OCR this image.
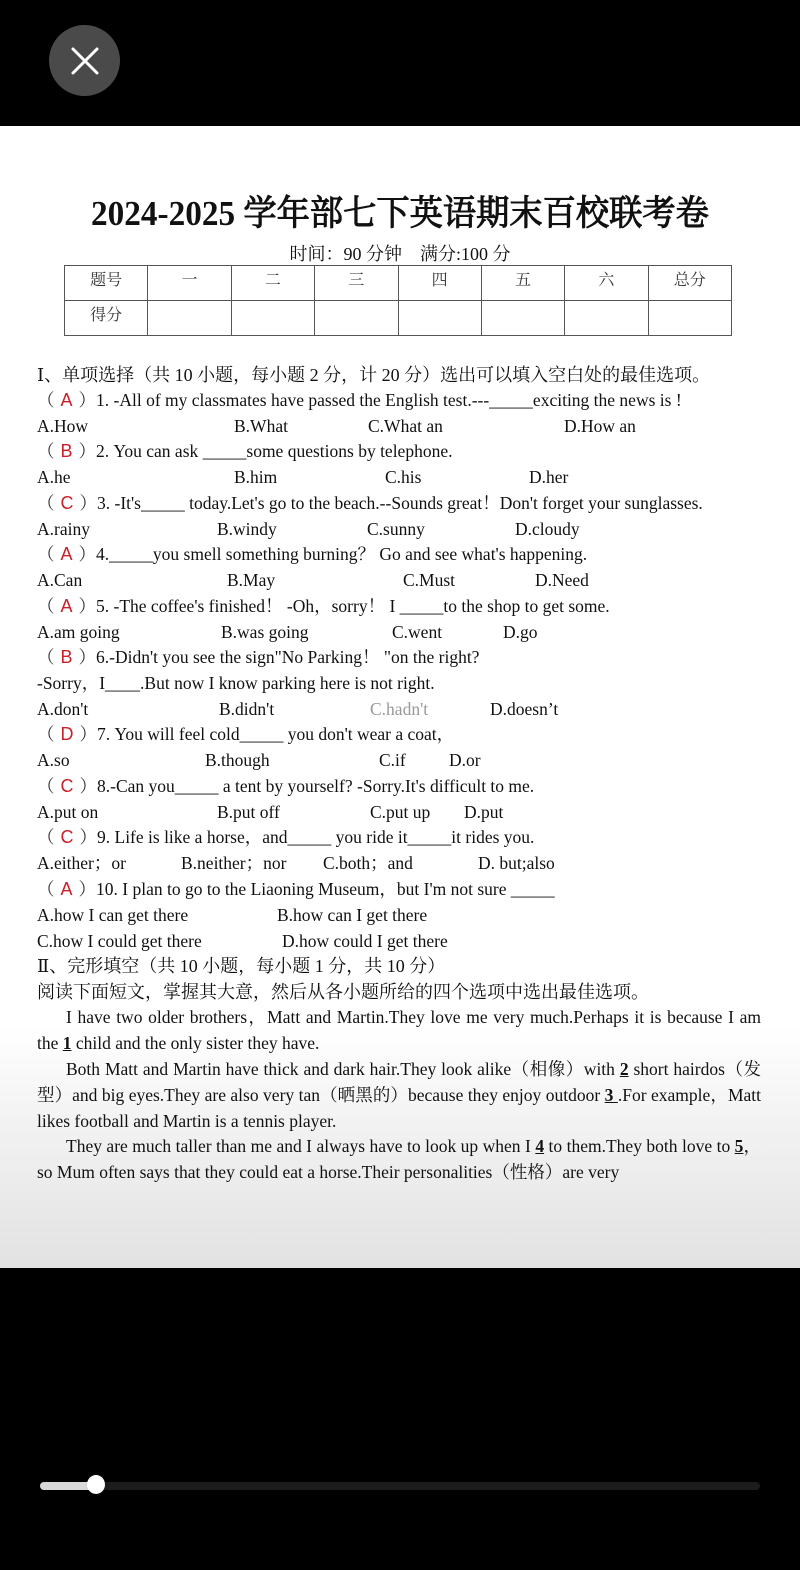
2024-2025 学年部七下英语期末百校联考卷
时间：90 分钟　满分:100 分
题号	一	二	三	四	五	六	总分
得分							
Ⅰ、单项选择（共 10 小题，每小题 2 分，计 20 分）选出可以填入空白处的最佳选项。
（ A ）1. -All of my classmates have passed the English test.---_____exciting the news is !
A.How	B.What	C.What an	D.How an
（ B ）2. You can ask _____some questions by telephone.
A.he	B.him	C.his	D.her
（ C ）3. -It's_____ today.Let's go to the beach.--Sounds great！Don't forget your sunglasses.
A.rainy	B.windy	C.sunny	D.cloudy
（ A ）4._____you smell something burning？ Go and see what's happening.
A.Can	B.May	C.Must	D.Need
（ A ）5. -The coffee's finished！ -Oh，sorry！ I _____to the shop to get some.
A.am going	B.was going	C.went	D.go
（ B ）6.-Didn't you see the sign"No Parking！ "on the right?
-Sorry，I____.But now I know parking here is not right.
A.don't	B.didn't	C.hadn't	D.doesn’t
（ D ）7. You will feel cold_____ you don't wear a coat，
A.so	B.though	C.if D.or
（ C ）8.-Can you_____ a tent by yourself? -Sorry.It's difficult to me.
A.put on	B.put off	C.put up D.put
（ C ）9. Life is like a horse，and_____ you ride it_____it rides you.
A.either；or	B.neither；nor C.both；and	D. but;also
（ A ）10. I plan to go to the Liaoning Museum，but I'm not sure _____
A.how I can get there	B.how can I get there
C.how I could get there	D.how could I get there
Ⅱ、完形填空（共 10 小题，每小题 1 分，共 10 分）
阅读下面短文，掌握其大意，然后从各小题所给的四个选项中选出最佳选项。
I have two older brothers，Matt and Martin.They love me very much.Perhaps it is because I am the 1 child and the only sister they have.
Both Matt and Martin have thick and dark hair.They look alike（相像）with 2 short hairdos（发型）and big eyes.They are also very tan（晒黑的）because they enjoy outdoor 3 .For example，Matt likes football and Martin is a tennis player.
They are much taller than me and I always have to look up when I 4 to them.They both love to 5，so Mum often says that they could eat a horse.Their personalities（性格）are very
